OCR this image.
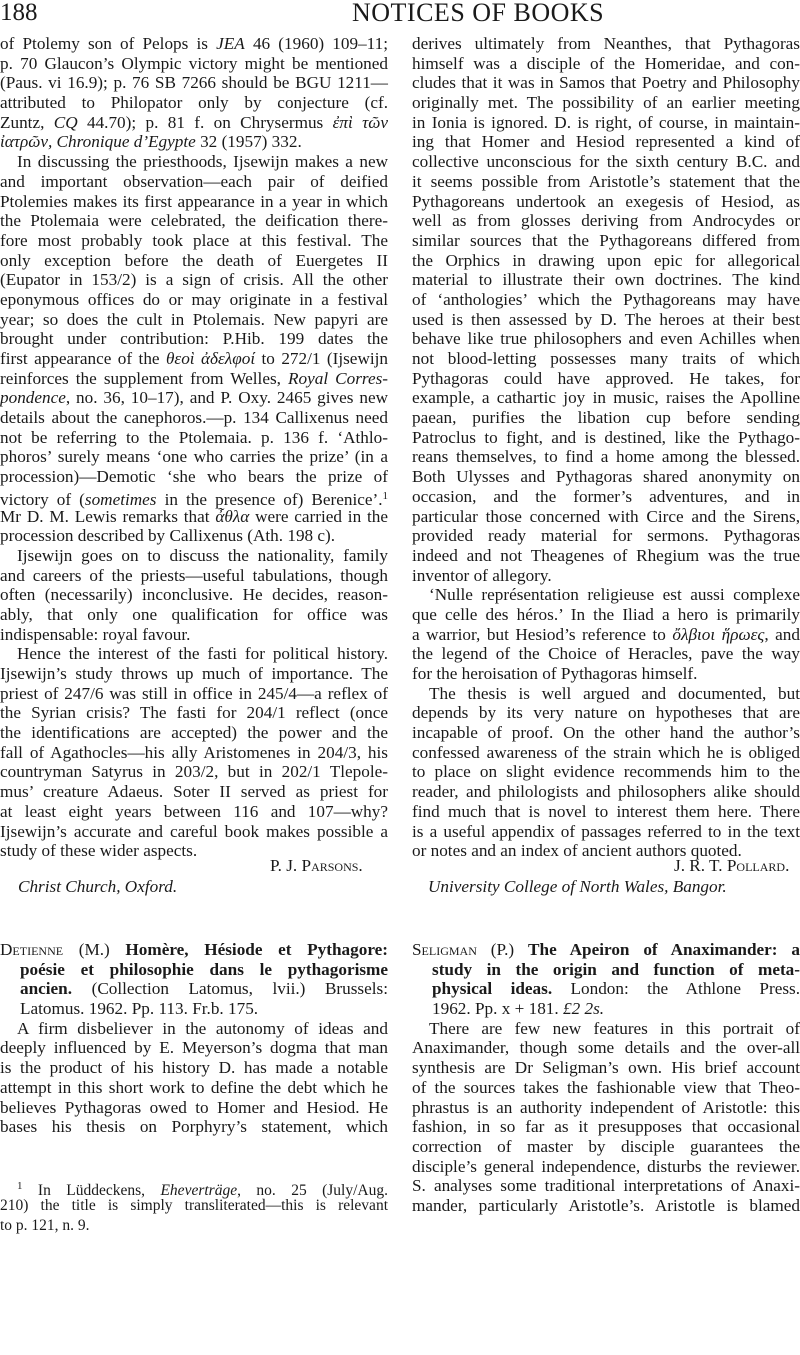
188	NOTICES OF BOOKS
of Ptolemy son of Pelops is JEA 46 (1960) 109–11;
p. 70 Glaucon’s Olympic victory might be mentioned
(Paus. vi 16.9); p. 76 SB 7266 should be BGU 1211—
attributed to Philopator only by conjecture (cf.
Zuntz, CQ 44.70); p. 81 f. on Chrysermus ἐπὶ τῶν
ἰατρῶν, Chronique d’Egypte 32 (1957) 332.
In discussing the priesthoods, Ijsewijn makes a new
and important observation—each pair of deified
Ptolemies makes its first appearance in a year in which
the Ptolemaia were celebrated, the deification there-
fore most probably took place at this festival. The
only exception before the death of Euergetes II
(Eupator in 153/2) is a sign of crisis. All the other
eponymous offices do or may originate in a festival
year; so does the cult in Ptolemais. New papyri are
brought under contribution: P.Hib. 199 dates the
first appearance of the θεοὶ ἀδελφοί to 272/1 (Ijsewijn
reinforces the supplement from Welles, Royal Corres-
pondence, no. 36, 10–17), and P. Oxy. 2465 gives new
details about the canephoros.—p. 134 Callixenus need
not be referring to the Ptolemaia. p. 136 f. ‘Athlo-
phoros’ surely means ‘one who carries the prize’ (in a
procession)—Demotic ‘she who bears the prize of
victory of (sometimes in the presence of) Berenice’.$^1$
Mr D. M. Lewis remarks that ἆθλα were carried in the
procession described by Callixenus (Ath. 198 c).
Ijsewijn goes on to discuss the nationality, family
and careers of the priests—useful tabulations, though
often (necessarily) inconclusive. He decides, reason-
ably, that only one qualification for office was
indispensable: royal favour.
Hence the interest of the fasti for political history.
Ijsewijn’s study throws up much of importance. The
priest of 247/6 was still in office in 245/4—a reflex of
the Syrian crisis? The fasti for 204/1 reflect (once
the identifications are accepted) the power and the
fall of Agathocles—his ally Aristomenes in 204/3, his
countryman Satyrus in 203/2, but in 202/1 Tlepole-
mus’ creature Adaeus. Soter II served as priest for
at least eight years between 116 and 107—why?
Ijsewijn’s accurate and careful book makes possible a
study of these wider aspects.
derives ultimately from Neanthes, that Pythagoras
himself was a disciple of the Homeridae, and con-
cludes that it was in Samos that Poetry and Philosophy
originally met. The possibility of an earlier meeting
in Ionia is ignored. D. is right, of course, in maintain-
ing that Homer and Hesiod represented a kind of
collective unconscious for the sixth century B.C. and
it seems possible from Aristotle’s statement that the
Pythagoreans undertook an exegesis of Hesiod, as
well as from glosses deriving from Androcydes or
similar sources that the Pythagoreans differed from
the Orphics in drawing upon epic for allegorical
material to illustrate their own doctrines. The kind
of ‘anthologies’ which the Pythagoreans may have
used is then assessed by D. The heroes at their best
behave like true philosophers and even Achilles when
not blood-letting possesses many traits of which
Pythagoras could have approved. He takes, for
example, a cathartic joy in music, raises the Apolline
paean, purifies the libation cup before sending
Patroclus to fight, and is destined, like the Pythago-
reans themselves, to find a home among the blessed.
Both Ulysses and Pythagoras shared anonymity on
occasion, and the former’s adventures, and in
particular those concerned with Circe and the Sirens,
provided ready material for sermons. Pythagoras
indeed and not Theagenes of Rhegium was the true
inventor of allegory.
‘Nulle représentation religieuse est aussi complexe
que celle des héros.’ In the Iliad a hero is primarily
a warrior, but Hesiod’s reference to ὄλβιοι ἥρωες, and
the legend of the Choice of Heracles, pave the way
for the heroisation of Pythagoras himself.
The thesis is well argued and documented, but
depends by its very nature on hypotheses that are
incapable of proof. On the other hand the author’s
confessed awareness of the strain which he is obliged
to place on slight evidence recommends him to the
reader, and philologists and philosophers alike should
find much that is novel to interest them here. There
is a useful appendix of passages referred to in the text
or notes and an index of ancient authors quoted.
P. J. Parsons.
Christ Church, Oxford.
J. R. T. Pollard.
University College of North Wales, Bangor.
Detienne (M.) Homère, Hésiode et Pythagore:
poésie et philosophie dans le pythagorisme
ancien. (Collection Latomus, lvii.) Brussels:
Latomus. 1962. Pp. 113. Fr.b. 175.
A firm disbeliever in the autonomy of ideas and
deeply influenced by E. Meyerson’s dogma that man
is the product of his history D. has made a notable
attempt in this short work to define the debt which he
believes Pythagoras owed to Homer and Hesiod. He
bases his thesis on Porphyry’s statement, which
Seligman (P.) The Apeiron of Anaximander: a
study in the origin and function of meta-
physical ideas. London: the Athlone Press.
1962. Pp. x + 181. £2 2s.
There are few new features in this portrait of
Anaximander, though some details and the over-all
synthesis are Dr Seligman’s own. His brief account
of the sources takes the fashionable view that Theo-
phrastus is an authority independent of Aristotle: this
fashion, in so far as it presupposes that occasional
correction of master by disciple guarantees the
disciple’s general independence, disturbs the reviewer.
S. analyses some traditional interpretations of Anaxi-
mander, particularly Aristotle’s. Aristotle is blamed
$^1$ In Lüddeckens, Eheverträge, no. 25 (July/Aug.
210) the title is simply transliterated—this is relevant
to p. 121, n. 9.
